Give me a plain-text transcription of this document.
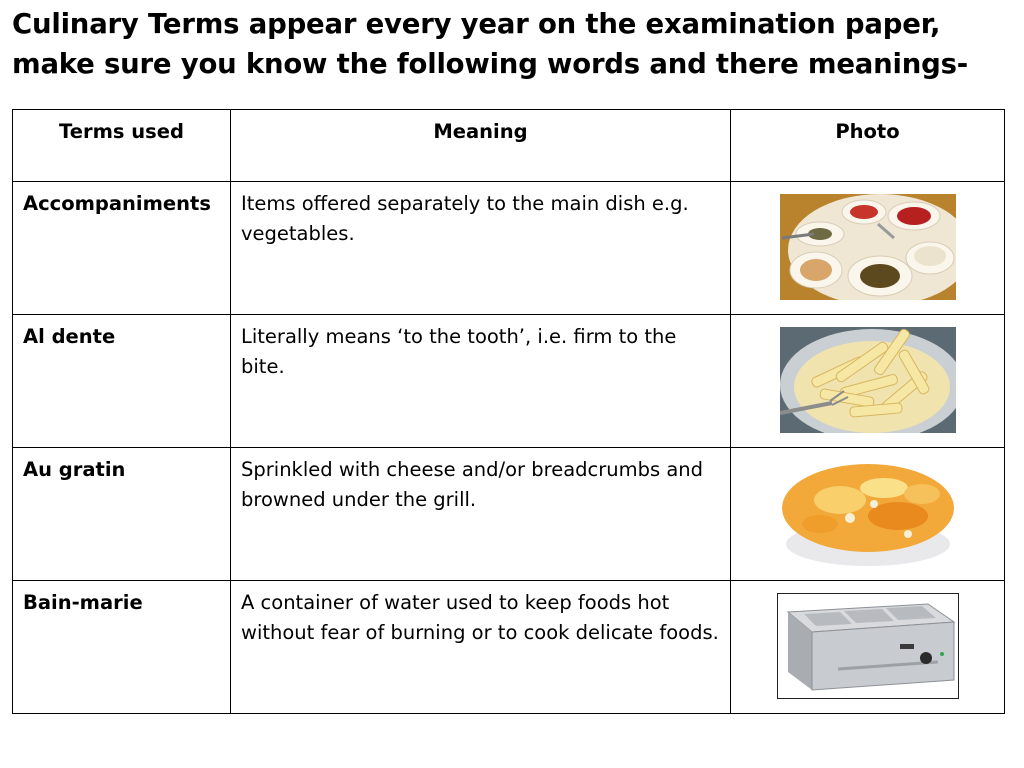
Culinary Terms appear every year on the examination paper,
make sure you know the following words and there meanings-
Terms used	Meaning	Photo
Accompaniments	Items offered separately to the main dish e.g. vegetables.	

Al dente	Literally means ‘to the tooth’, i.e. firm to the bite.	

Au gratin	Sprinkled with cheese and/or breadcrumbs and browned under the grill.	

Bain-marie	A container of water used to keep foods hot without fear of burning or to cook delicate foods.	
